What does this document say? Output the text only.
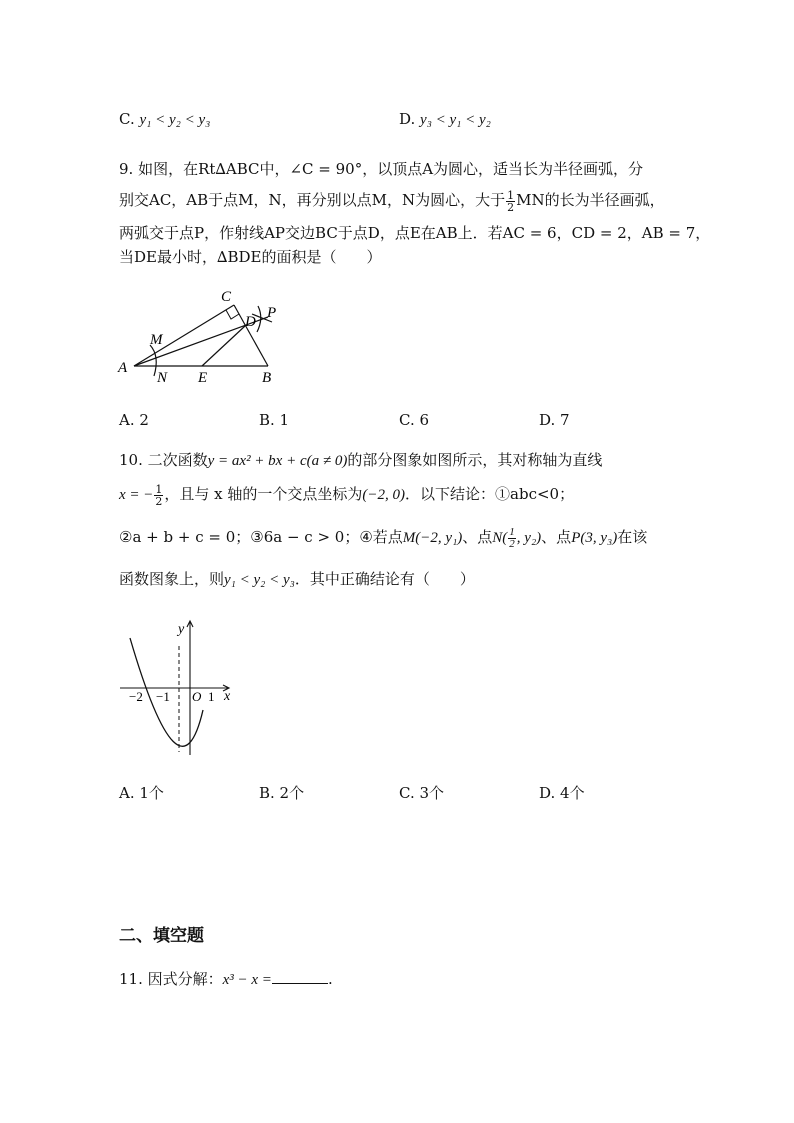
C. y₁ < y₂ < y₃	D. y₃ < y₁ < y₂
9. 如图，在Rt∆ABC中，∠C = 90°，以顶点A为圆心，适当长为半径画弧，分
别交AC，AB于点M，N，再分别以点M，N为圆心，大于 $\frac{1}{2}$ MN的长为半径画弧，
两弧交于点P，作射线AP交边BC于点D，点E在AB上．若AC = 6，CD = 2，AB = 7，
当DE最小时，∆BDE的面积是（　　）
A
B
C
D
E
M
N
P
A. 2	B. 1	C. 6	D. 7
10. 二次函数y = ax² + bx + c(a ≠ 0)的部分图象如图所示，其对称轴为直线
x = − $\frac{1}{2}$ ，且与 x 轴的一个交点坐标为(−2, 0)．以下结论：①abc<0；
②a + b + c = 0；③6a − c > 0；④若点M(−2, y₁)、点$N( \frac{1}{2}$ , y₂)、点P(3, y₃)在该
函数图象上，则y₁ < y₂ < y₃．其中正确结论有（　　）
y
x
−2 −1 O 1
A. 1个	B. 2个	C. 3个	D. 4个
二、填空题
11. 因式分解：x³ − x =	.
